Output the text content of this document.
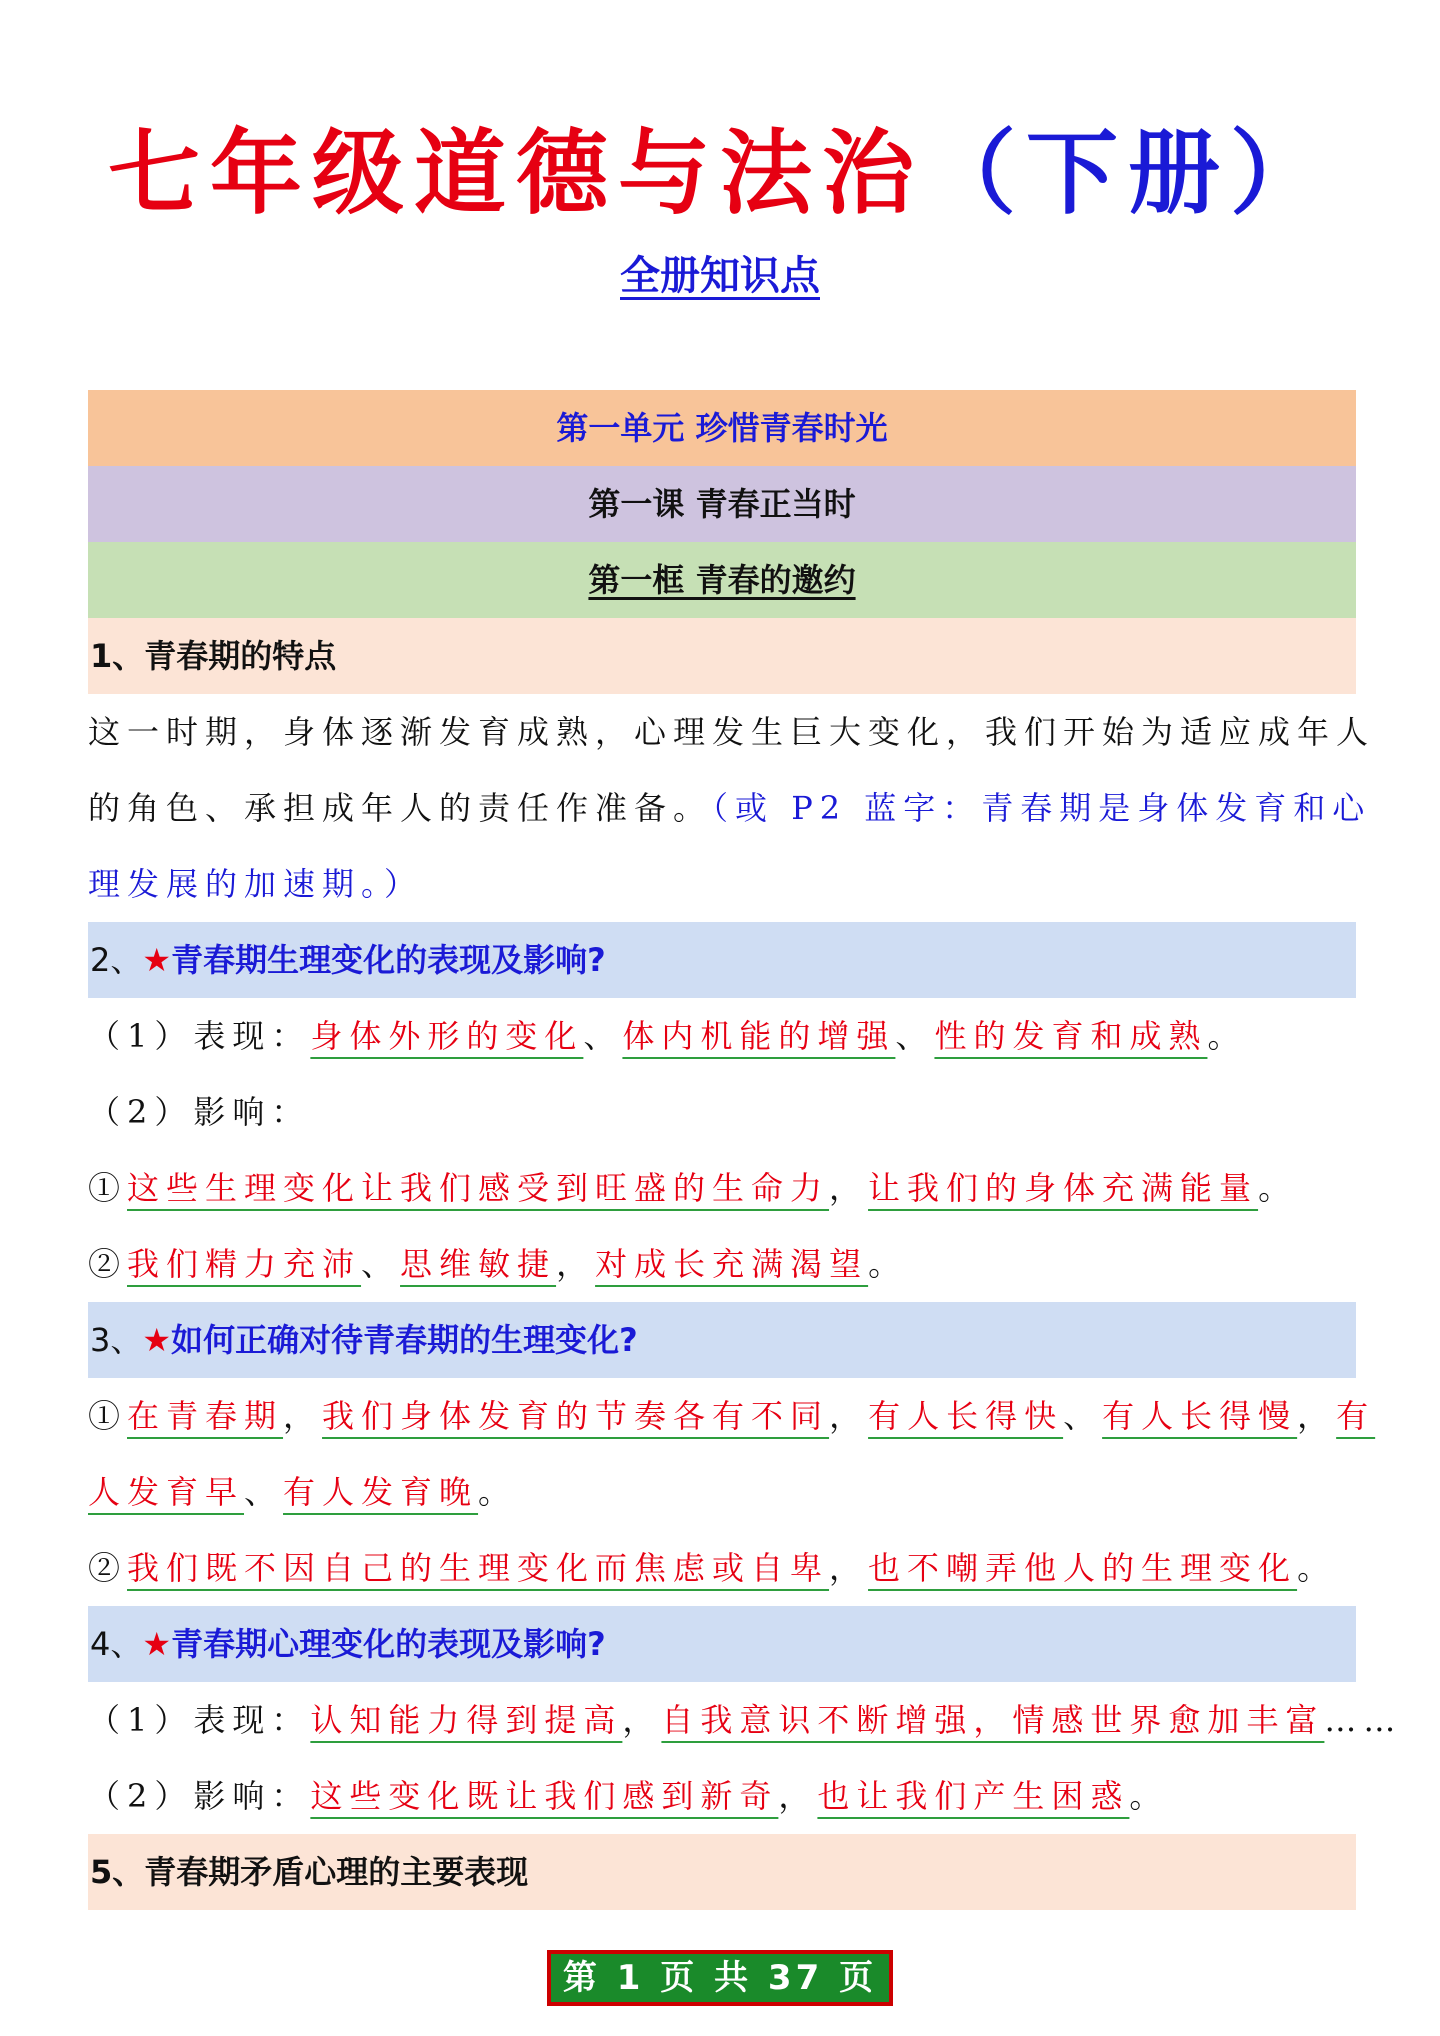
七年级道德与法治（下册）
全册知识点
第一单元 珍惜青春时光
第一课 青春正当时
第一框 青春的邀约
1、青春期的特点
这一时期，身体逐渐发育成熟，心理发生巨大变化，我们开始为适应成年人
的角色、承担成年人的责任作准备。（或 P2 蓝字：青春期是身体发育和心
理发展的加速期。）
2、★青春期生理变化的表现及影响?
（1）表现：身体外形的变化、体内机能的增强、性的发育和成熟。
（2）影响：
①这些生理变化让我们感受到旺盛的生命力，让我们的身体充满能量。
②我们精力充沛、思维敏捷，对成长充满渴望。
3、★如何正确对待青春期的生理变化?
①在青春期，我们身体发育的节奏各有不同，有人长得快、有人长得慢，有
人发育早、有人发育晚。
②我们既不因自己的生理变化而焦虑或自卑，也不嘲弄他人的生理变化。
4、★青春期心理变化的表现及影响?
（1）表现：认知能力得到提高，自我意识不断增强，情感世界愈加丰富……
（2）影响：这些变化既让我们感到新奇，也让我们产生困惑。
5、青春期矛盾心理的主要表现
第 1 页 共 37 页
